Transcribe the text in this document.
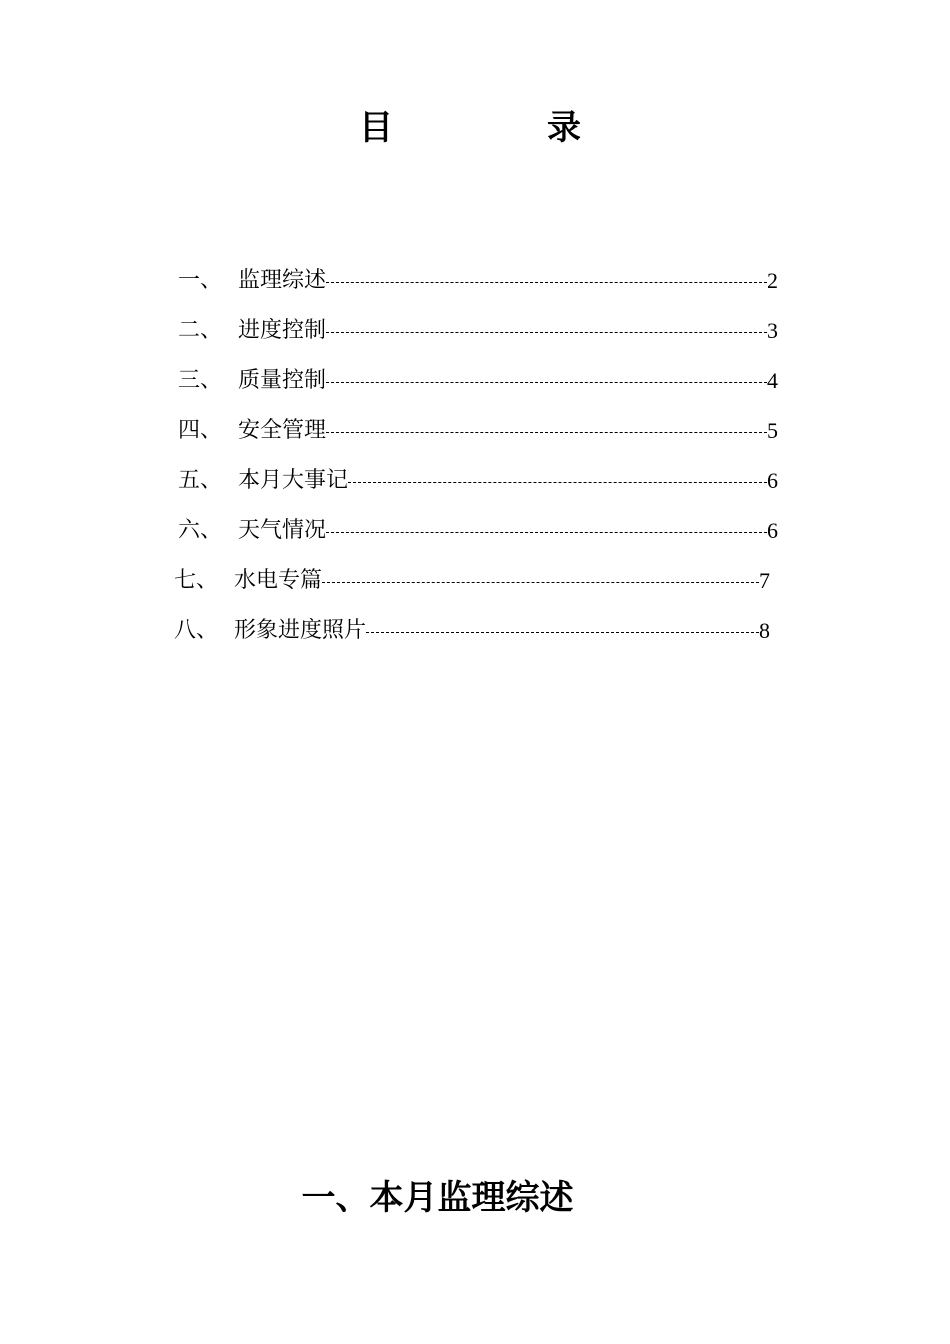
目　录
一、 监理综述	2
二、 进度控制	3
三、 质量控制	4
四、 安全管理	5
五、 本月大事记	6
六、 天气情况	6
七、 水电专篇	7
八、 形象进度照片	8
一、本月监理综述
